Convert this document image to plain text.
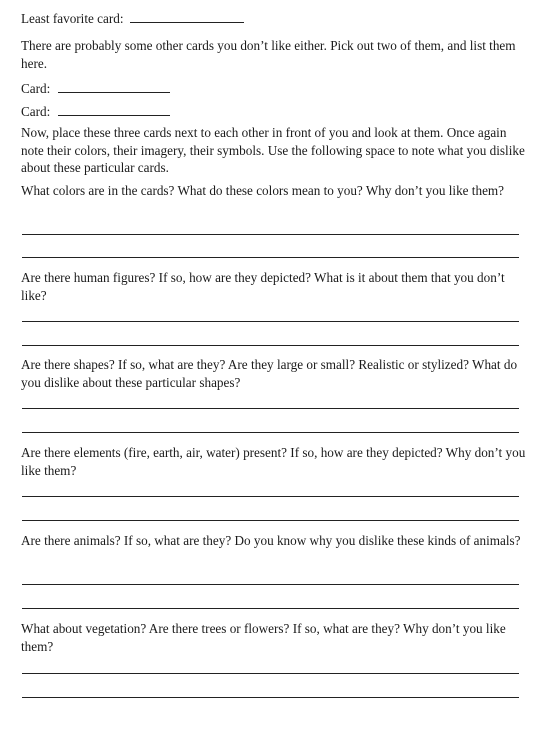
Least favorite card:

There are probably some other cards you don’t like either. Pick out two of them, and list them here.

Card:

Card:

Now, place these three cards next to each other in front of you and look at them. Once again note their colors, their imagery, their symbols. Use the following space to note what you dislike about these particular cards.

What colors are in the cards? What do these colors mean to you? Why don’t you like them?

Are there human figures? If so, how are they depicted? What is it about them that you don’t like?

Are there shapes? If so, what are they? Are they large or small? Realistic or stylized? What do you dislike about these particular shapes?

Are there elements (fire, earth, air, water) present? If so, how are they depicted? Why don’t you like them?

Are there animals? If so, what are they? Do you know why you dislike these kinds of animals?

What about vegetation? Are there trees or flowers? If so, what are they? Why don’t you like them?
